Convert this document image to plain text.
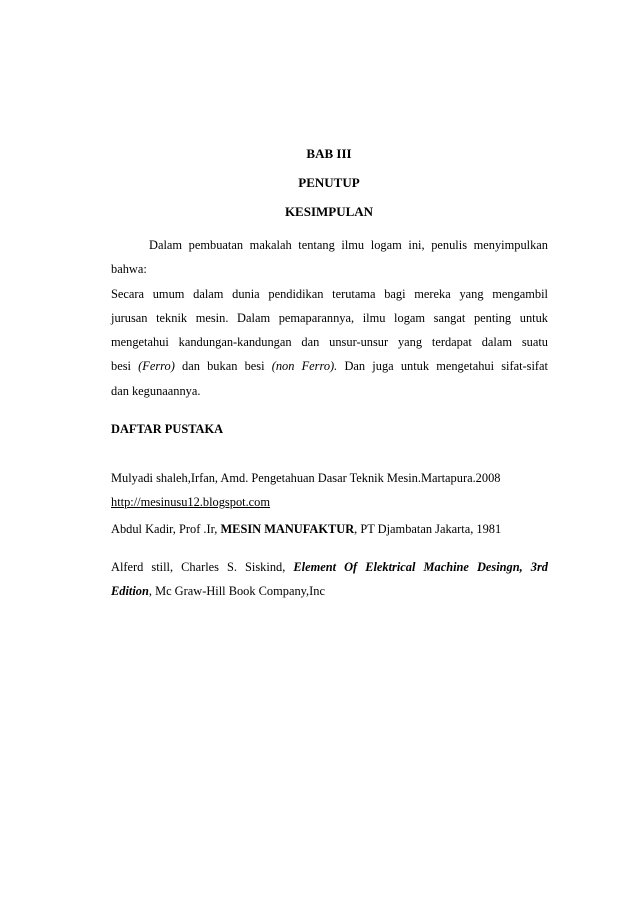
BAB III
PENUTUP
KESIMPULAN

Dalam pembuatan makalah tentang ilmu logam ini, penulis menyimpulkan

bahwa:

Secara umum dalam dunia pendidikan terutama bagi mereka yang mengambil

jurusan teknik mesin. Dalam pemaparannya, ilmu logam sangat penting untuk

mengetahui kandungan-kandungan dan unsur-unsur yang terdapat dalam suatu

besi (Ferro) dan bukan besi (non Ferro). Dan juga untuk mengetahui sifat-sifat

dan kegunaannya.

DAFTAR PUSTAKA
Mulyadi shaleh,Irfan, Amd. Pengetahuan Dasar Teknik Mesin.Martapura.2008
http://mesinusu12.blogspot.com
Abdul Kadir, Prof .Ir, MESIN MANUFAKTUR, PT Djambatan Jakarta, 1981
Alferd still, Charles S. Siskind, Element Of Elektrical Machine Desingn, 3rd
Edition, Mc Graw-Hill Book Company,Inc
